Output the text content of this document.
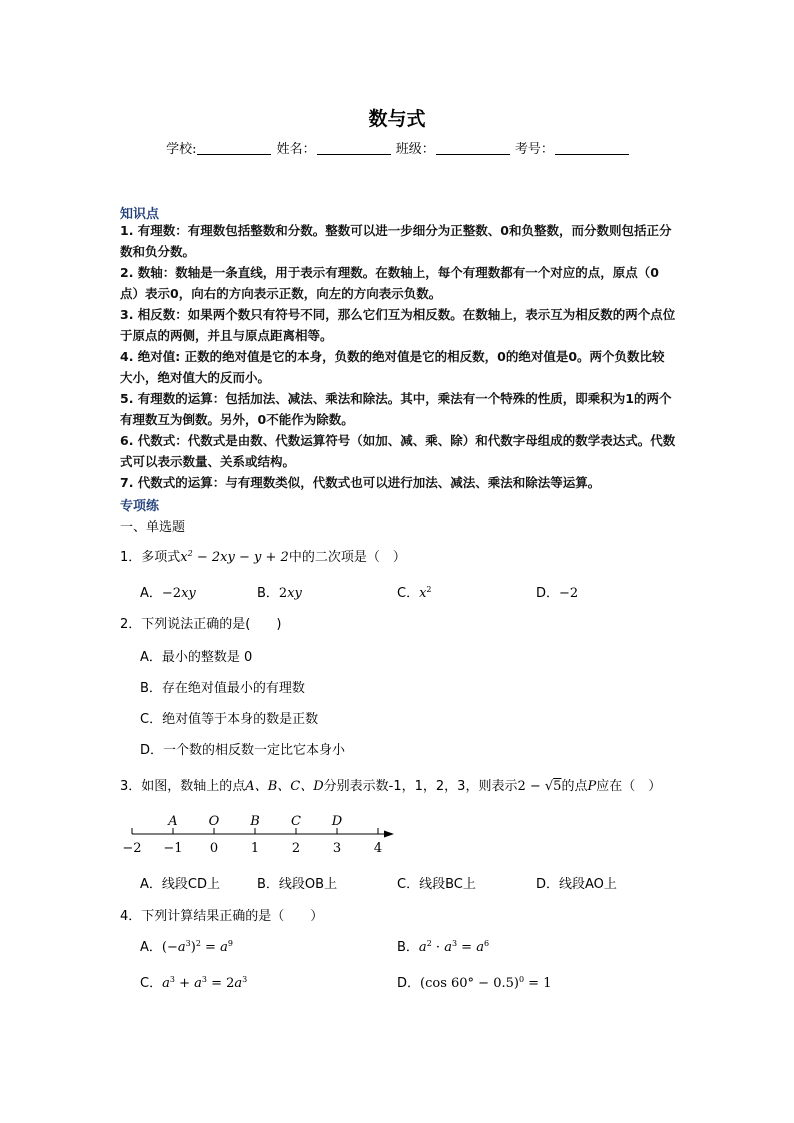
数与式
学校:	姓名：	班级：	考号：
知识点
1. 有理数：有理数包括整数和分数。整数可以进一步细分为正整数、0和负整数，而分数则包括正分数和负分数。
2. 数轴：数轴是一条直线，用于表示有理数。在数轴上，每个有理数都有一个对应的点，原点（0点）表示0，向右的方向表示正数，向左的方向表示负数。
3. 相反数：如果两个数只有符号不同，那么它们互为相反数。在数轴上，表示互为相反数的两个点位于原点的两侧，并且与原点距离相等。
4. 绝对值: 正数的绝对值是它的本身，负数的绝对值是它的相反数，0的绝对值是0。两个负数比较大小，绝对值大的反而小。
5. 有理数的运算：包括加法、减法、乘法和除法。其中，乘法有一个特殊的性质，即乘积为1的两个有理数互为倒数。另外，0不能作为除数。
6. 代数式：代数式是由数、代数运算符号（如加、减、乘、除）和代数字母组成的数学表达式。代数式可以表示数量、关系或结构。
7. 代数式的运算：与有理数类似，代数式也可以进行加法、减法、乘法和除法等运算。
专项练
一、单选题
1．多项式$x^2 - 2xy - y + 2$中的二次项是（　）
A．−2xy	B．2xy	C．$x^2$	D．−2
2．下列说法正确的是(　　)
A．最小的整数是 0
B．存在绝对值最小的有理数
C．绝对值等于本身的数是正数
D．一个数的相反数一定比它本身小
3．如图，数轴上的点A、B、C、D分别表示数-1，1，2，3，则表示2 − √5的点P应在（　）
A O B C D
−2 −1 0	1	2	3	4
A．线段CD上	B．线段OB上	C．线段BC上	D．线段AO上
4．下列计算结果正确的是（　　）
A．$(-a^3)^2 = a^9$	B．$a^2 \cdot a^3 = a^6$
C．$a^3 + a^3 = 2a^3$	D．(cos 60° − 0.5)$^0$ = 1
